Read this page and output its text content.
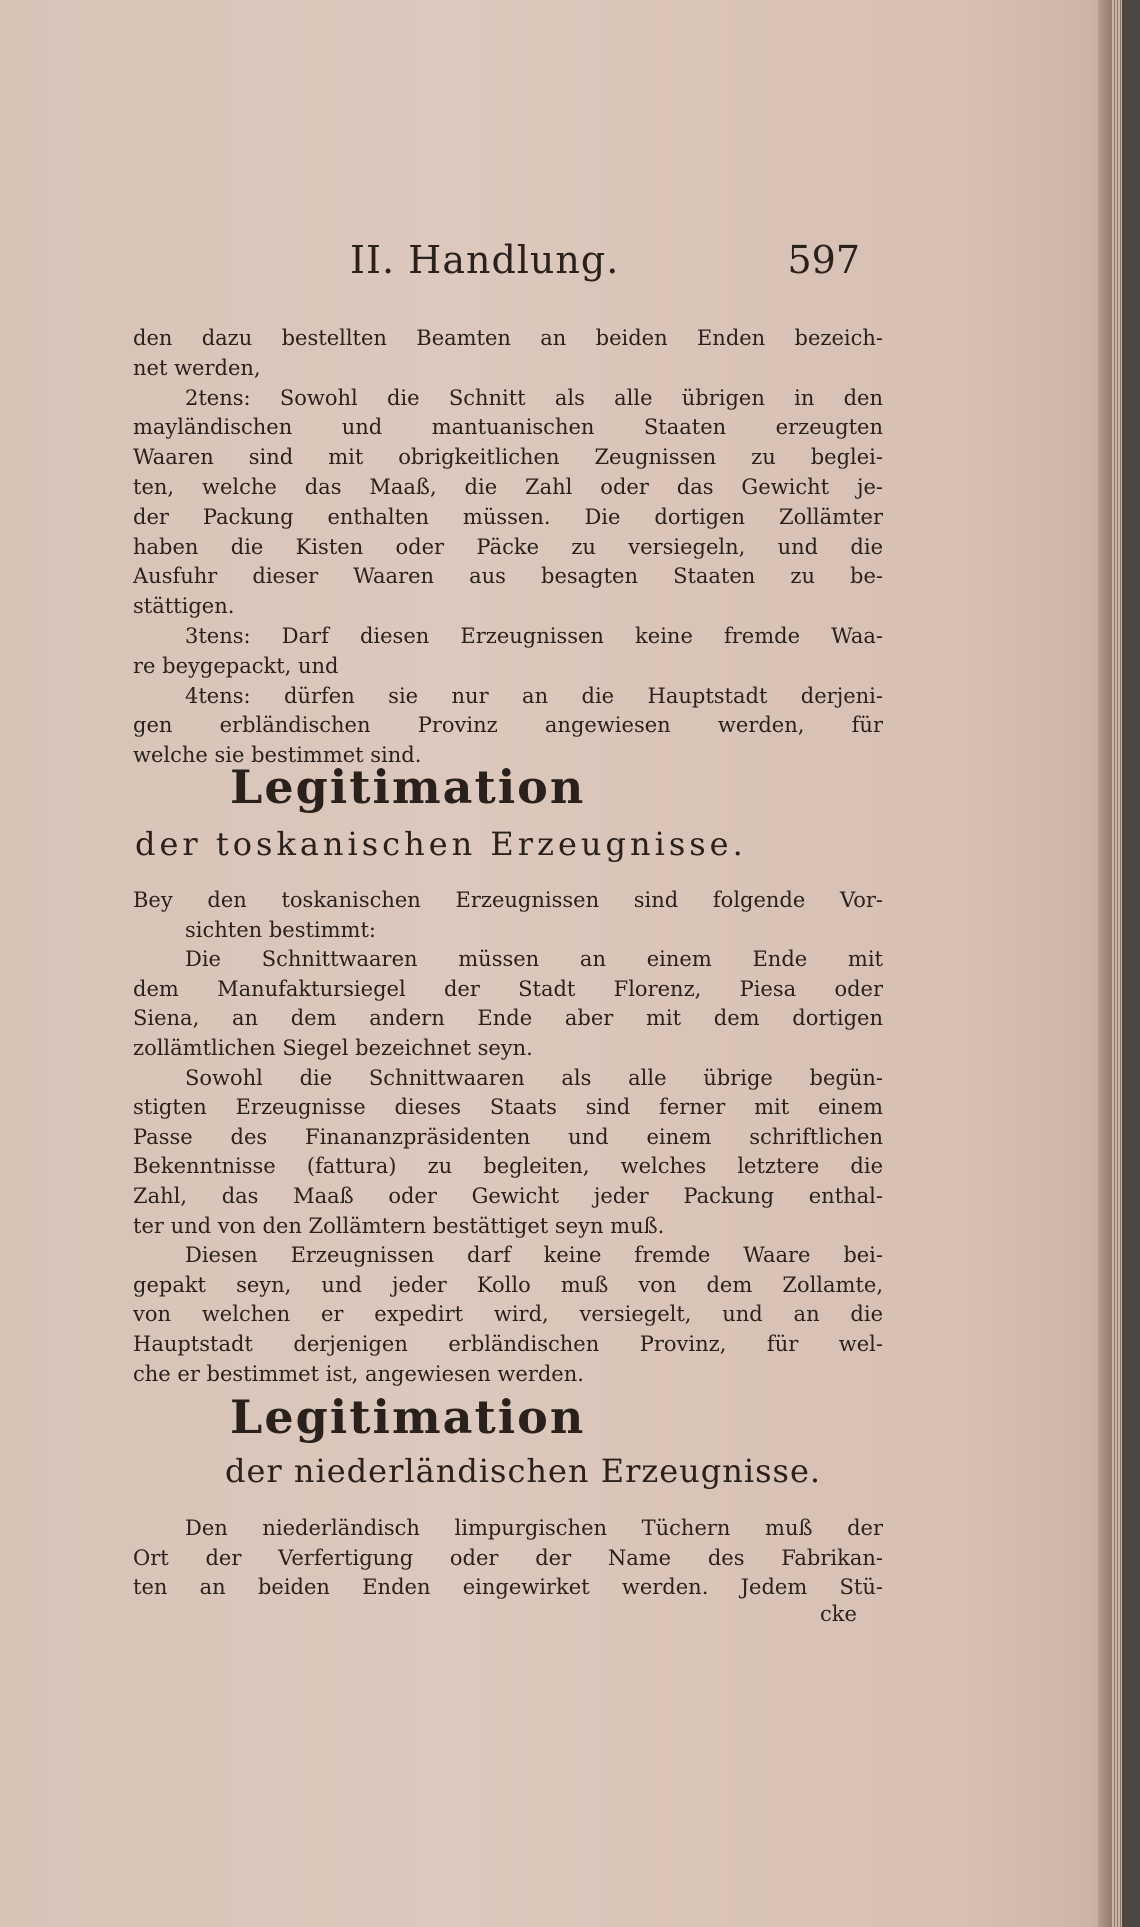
II. Handlung.	597
den dazu bestellten Beamten an beiden Enden bezeich-
net werden,
2tens: Sowohl die Schnitt als alle übrigen in den
mayländischen und mantuanischen Staaten erzeugten
Waaren sind mit obrigkeitlichen Zeugnissen zu beglei-
ten, welche das Maaß, die Zahl oder das Gewicht je-
der Packung enthalten müssen. Die dortigen Zollämter
haben die Kisten oder Päcke zu versiegeln, und die
Ausfuhr dieser Waaren aus besagten Staaten zu be-
stättigen.
3tens: Darf diesen Erzeugnissen keine fremde Waa-
re beygepackt, und
4tens: dürfen sie nur an die Hauptstadt derjeni-
gen erbländischen Provinz angewiesen werden, für
welche sie bestimmet sind.
Legitimation
der toskanischen Erzeugnisse.
Bey den toskanischen Erzeugnissen sind folgende Vor-
sichten bestimmt:
Die Schnittwaaren müssen an einem Ende mit
dem Manufaktursiegel der Stadt Florenz, Piesa oder
Siena, an dem andern Ende aber mit dem dortigen
zollämtlichen Siegel bezeichnet seyn.
Sowohl die Schnittwaaren als alle übrige begün-
stigten Erzeugnisse dieses Staats sind ferner mit einem
Passe des Finananzpräsidenten und einem schriftlichen
Bekenntnisse (fattura) zu begleiten, welches letztere die
Zahl, das Maaß oder Gewicht jeder Packung enthal-
ter und von den Zollämtern bestättiget seyn muß.
Diesen Erzeugnissen darf keine fremde Waare bei-
gepakt seyn, und jeder Kollo muß von dem Zollamte,
von welchen er expedirt wird, versiegelt, und an die
Hauptstadt derjenigen erbländischen Provinz, für wel-
che er bestimmet ist, angewiesen werden.
Legitimation
der niederländischen Erzeugnisse.
Den niederländisch limpurgischen Tüchern muß der
Ort der Verfertigung oder der Name des Fabrikan-
ten an beiden Enden eingewirket werden. Jedem Stü-
cke
